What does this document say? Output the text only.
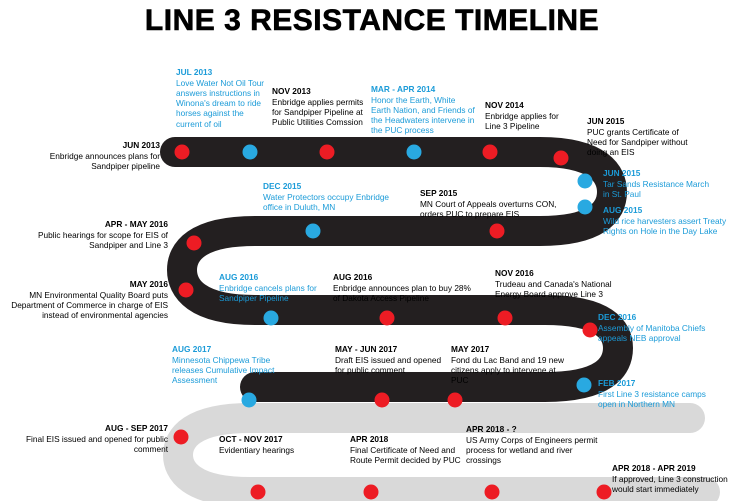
LINE 3 RESISTANCE TIMELINE
JUN 2013
Enbridge announces plans for Sandpiper pipeline
JUL 2013
Love Water Not Oil Tour answers instructions in Winona's dream to ride horses against the current of oil
NOV 2013
Enbridge applies permits for Sandpiper Pipeline at Public Utilities Comssion
MAR - APR 2014
Honor the Earth, White Earth Nation, and Friends of the Headwaters intervene in the PUC process
NOV 2014
Enbridge applies for Line 3 Pipeline
JUN 2015
PUC grants Certificate of Need for Sandpiper without doing an EIS
JUN 2015
Tar Sands Resistance March in St. Paul
AUG 2015
Wild rice harvesters assert Treaty Rights on Hole in the Day Lake
SEP 2015
MN Court of Appeals overturns CON, orders PUC to prepare EIS
DEC 2015
Water Protectors occupy Enbridge office in Duluth, MN
APR - MAY 2016
Public hearings for scope for EIS of Sandpiper and Line 3
MAY 2016
MN Environmental Quality Board puts Department of Commerce in charge of EIS instead of environmental agencies
AUG 2016
Enbridge cancels plans for Sandpiper Pipeline
AUG 2016
Enbridge announces plan to buy 28% of Dakota Access Pipeline
NOV 2016
Trudeau and Canada's National Energy Board approve Line 3
DEC 2016
Assembly of Manitoba Chiefs appeals NEB approval
AUG 2017
Minnesota Chippewa Tribe releases Cumulative Impact Assessment
MAY - JUN 2017
Draft EIS issued and opened for public comment
MAY 2017
Fond du Lac Band and 19 new citizens apply to intervene at PUC	FEB 2017
First Line 3 resistance camps open in Northern MN
AUG - SEP 2017
Final EIS issued and opened for public comment
OCT - NOV 2017
Evidentiary hearings
APR 2018
Final Certificate of Need and Route Permit decided by PUC
APR 2018 - ?
US Army Corps of Engineers permit process for wetland and river crossings
APR 2018 - APR 2019
If approved, Line 3 construction would start immediately
